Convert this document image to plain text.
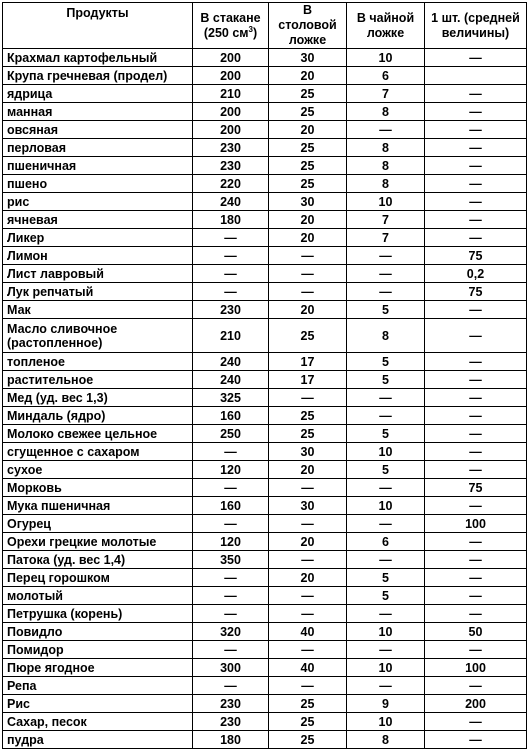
Продукты	В стакане (250 $см^3$)	В столовой ложке	В чайной ложке	1 шт. (средней величины)
Крахмал картофельный	200	30	10	—
Крупа гречневая (продел)	200	20	6	
ядрица	210	25	7	—
манная	200	25	8	—
овсяная	200	20	—	—
перловая	230	25	8	—
пшеничная	230	25	8	—
пшено	220	25	8	—
рис	240	30	10	—
ячневая	180	20	7	—
Ликер	—	20	7	—
Лимон	—	—	—	75
Лист лавровый	—	—	—	0,2
Лук репчатый	—	—	—	75
Мак	230	20	5	—
Масло сливочное (растопленное)	210	25	8	—
топленое	240	17	5	—
растительное	240	17	5	—
Мед (уд. вес 1,3)	325	—	—	—
Миндаль (ядро)	160	25	—	—
Молоко свежее цельное	250	25	5	—
сгущенное с сахаром	—	30	10	—
сухое	120	20	5	—
Морковь	—	—	—	75
Мука пшеничная	160	30	10	—
Огурец	—	—	—	100
Орехи грецкие молотые	120	20	6	—
Патока (уд. вес 1,4)	350	—	—	—
Перец горошком	—	20	5	—
молотый	—	—	5	—
Петрушка (корень)	—	—	—	—
Повидло	320	40	10	50
Помидор	—	—	—	—
Пюре ягодное	300	40	10	100
Репа	—	—	—	—
Рис	230	25	9	200
Сахар, песок	230	25	10	—
пудра	180	25	8	—
